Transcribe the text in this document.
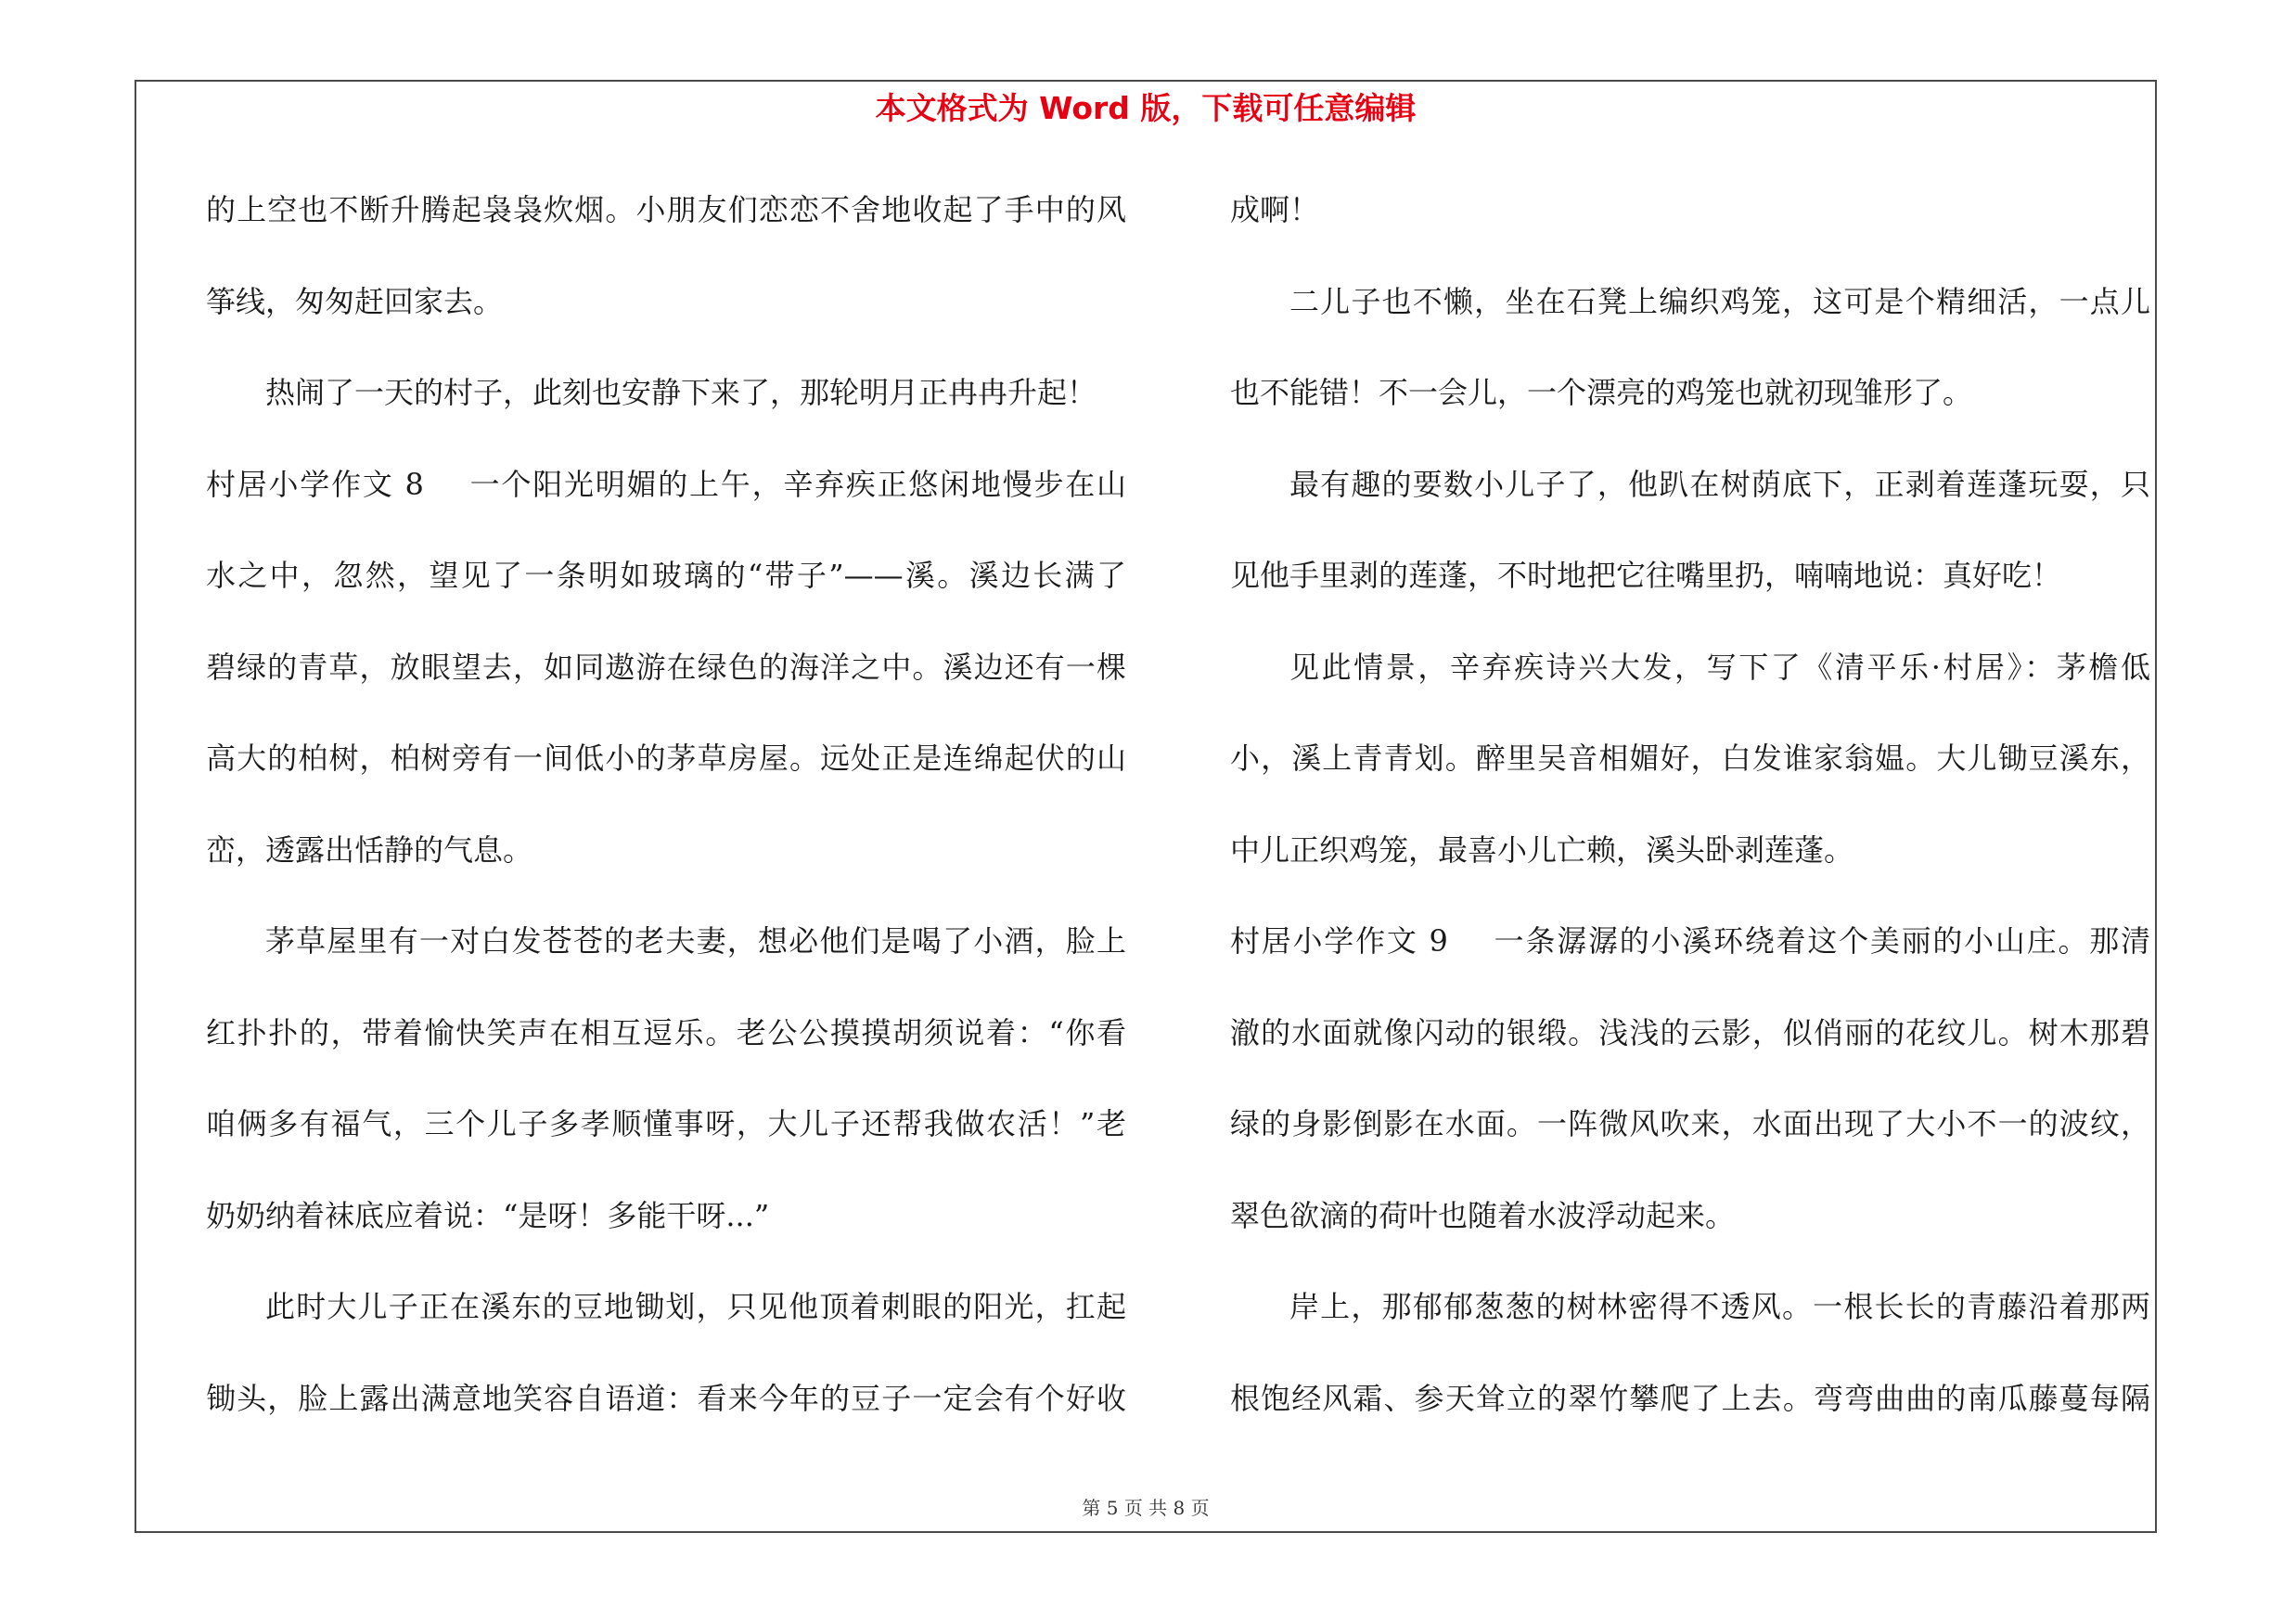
本文格式为 Word 版，下载可任意编辑
的上空也不断升腾起袅袅炊烟。小朋友们恋恋不舍地收起了手中的风
筝线，匆匆赶回家去。
热闹了一天的村子，此刻也安静下来了，那轮明月正冉冉升起！
村居小学作文 8 一个阳光明媚的上午，辛弃疾正悠闲地慢步在山
水之中，忽然，望见了一条明如玻璃的“带子”——溪。溪边长满了
碧绿的青草，放眼望去，如同遨游在绿色的海洋之中。溪边还有一棵
高大的柏树，柏树旁有一间低小的茅草房屋。远处正是连绵起伏的山
峦，透露出恬静的气息。
茅草屋里有一对白发苍苍的老夫妻，想必他们是喝了小酒，脸上
红扑扑的，带着愉快笑声在相互逗乐。老公公摸摸胡须说着：“你看
咱俩多有福气，三个儿子多孝顺懂事呀，大儿子还帮我做农活！”老
奶奶纳着袜底应着说：“是呀！多能干呀...”
此时大儿子正在溪东的豆地锄划，只见他顶着刺眼的阳光，扛起
锄头，脸上露出满意地笑容自语道：看来今年的豆子一定会有个好收
成啊！
二儿子也不懒，坐在石凳上编织鸡笼，这可是个精细活，一点儿
也不能错！不一会儿，一个漂亮的鸡笼也就初现雏形了。
最有趣的要数小儿子了，他趴在树荫底下，正剥着莲蓬玩耍，只
见他手里剥的莲蓬，不时地把它往嘴里扔，喃喃地说：真好吃！
见此情景，辛弃疾诗兴大发，写下了《清平乐·村居》：茅檐低
小，溪上青青划。醉里吴音相媚好，白发谁家翁媪。大儿锄豆溪东，
中儿正织鸡笼，最喜小儿亡赖，溪头卧剥莲蓬。
村居小学作文 9 一条潺潺的小溪环绕着这个美丽的小山庄。那清
澈的水面就像闪动的银缎。浅浅的云影，似俏丽的花纹儿。树木那碧
绿的身影倒影在水面。一阵微风吹来，水面出现了大小不一的波纹，
翠色欲滴的荷叶也随着水波浮动起来。
岸上，那郁郁葱葱的树林密得不透风。一根长长的青藤沿着那两
根饱经风霜、参天耸立的翠竹攀爬了上去。弯弯曲曲的南瓜藤蔓每隔
第 5 页 共 8 页
